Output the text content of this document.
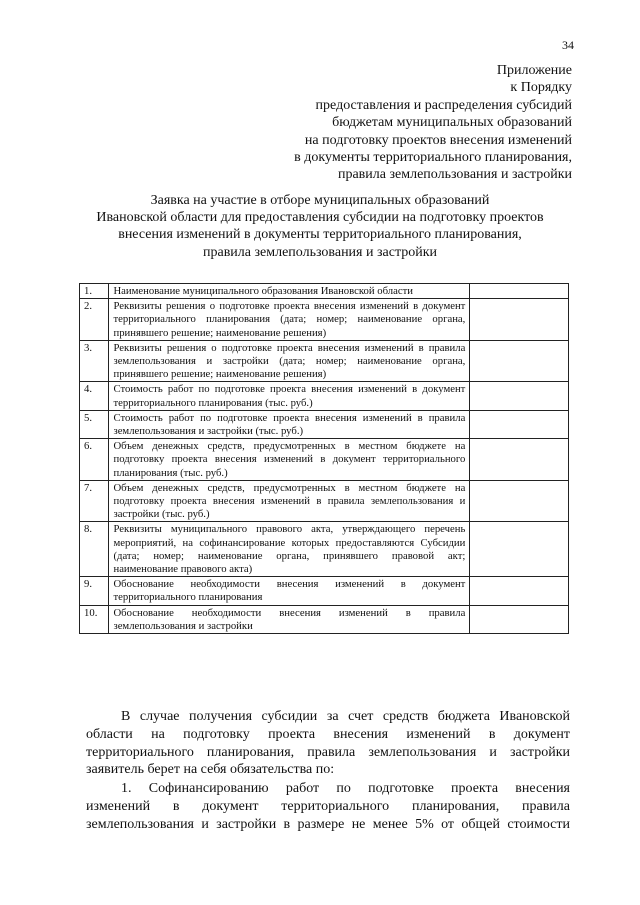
34
Приложение
к Порядку
предоставления и распределения субсидий
бюджетам муниципальных образований
на подготовку проектов внесения изменений
в документы территориального планирования,
правила землепользования и застройки
Заявка на участие в отборе муниципальных образований
Ивановской области для предоставления субсидии на подготовку проектов
внесения изменений в документы территориального планирования,
правила землепользования и застройки
1.	Наименование муниципального образования Ивановской области	
2.	Реквизиты решения о подготовке проекта внесения изменений в документ территориального планирования (дата; номер; наименование органа, принявшего решение; наименование решения)	
3.	Реквизиты решения о подготовке проекта внесения изменений в правила землепользования и застройки (дата; номер; наименование органа, принявшего решение; наименование решения)	
4.	Стоимость работ по подготовке проекта внесения изменений в документ территориального планирования (тыс. руб.)	
5.	Стоимость работ по подготовке проекта внесения изменений в правила землепользования и застройки (тыс. руб.)	
6.	Объем денежных средств, предусмотренных в местном бюджете на подготовку проекта внесения изменений в документ территориального планирования (тыс. руб.)	
7.	Объем денежных средств, предусмотренных в местном бюджете на подготовку проекта внесения изменений в правила землепользования и застройки (тыс. руб.)	
8.	Реквизиты муниципального правового акта, утверждающего перечень мероприятий, на софинансирование которых предоставляются Субсидии (дата; номер; наименование органа, принявшего правовой акт; наименование правового акта)	
9.	Обоснование необходимости внесения изменений в документ территориального планирования	
10.	Обоснование необходимости внесения изменений в правила землепользования и застройки	
В случае получения субсидии за счет средств бюджета Ивановской
области на подготовку проекта внесения изменений в документ
территориального планирования, правила землепользования и застройки
заявитель берет на себя обязательства по:
1. Софинансированию работ по подготовке проекта внесения
изменений в документ территориального планирования, правила
землепользования и застройки в размере не менее 5% от общей стоимости
